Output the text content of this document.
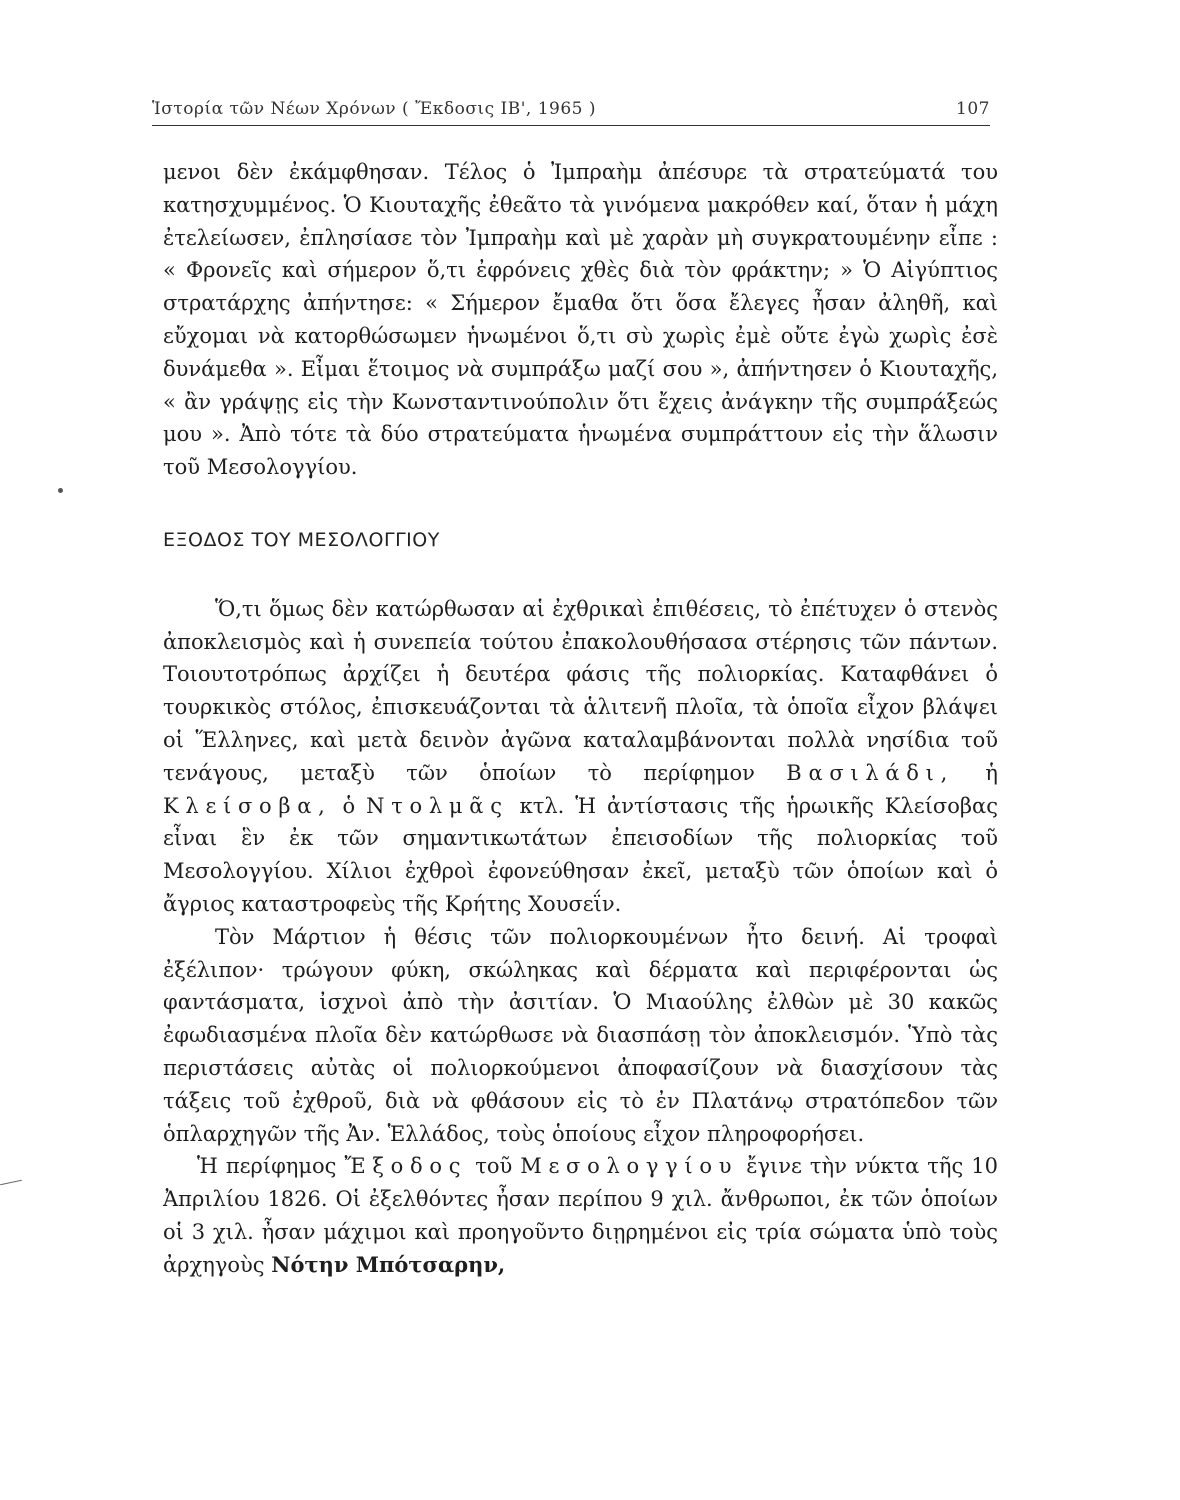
Ἱστορία τῶν Νέων Χρόνων ( Ἔκδοσις ΙΒ', 1965 )	107

μενοι δὲν ἐκάμφθησαν. Τέλος ὁ Ἰμπραὴμ ἀπέσυρε τὰ στρατεύματά του κατησχυμμένος. Ὁ Κιουταχῆς ἐθεᾶτο τὰ γινόμενα μακρόθεν καί, ὅταν ἡ μάχη ἐτελείωσεν, ἐπλησίασε τὸν Ἰμπραὴμ καὶ μὲ χαρὰν μὴ συγκρατουμένην εἶπε : « Φρονεῖς καὶ σήμερον ὅ,τι ἐφρόνεις χθὲς διὰ τὸν φράκτην; » Ὁ Αἰγύπτιος στρατάρχης ἀπήντησε: « Σήμερον ἔμαθα ὅτι ὅσα ἔλεγες ἦσαν ἀληθῆ, καὶ εὔχομαι νὰ κατορθώσωμεν ἡνωμένοι ὅ,τι σὺ χωρὶς ἐμὲ οὔτε ἐγὼ χωρὶς ἐσὲ δυνάμεθα ». Εἶμαι ἕτοιμος νὰ συμπράξω μαζί σου », ἀπήντησεν ὁ Κιουταχῆς, « ἂν γράψῃς εἰς τὴν Κωνσταντινούπολιν ὅτι ἔχεις ἀνάγκην τῆς συμπράξεώς μου ». Ἀπὸ τότε τὰ δύο στρατεύματα ἡνωμένα συμπράττουν εἰς τὴν ἅλωσιν τοῦ Μεσολογγίου.

ΕΞΟΔΟΣ ΤΟΥ ΜΕΣΟΛΟΓΓΙΟΥ

Ὅ,τι ὅμως δὲν κατώρθωσαν αἱ ἐχθρικαὶ ἐπιθέσεις, τὸ ἐπέτυχεν ὁ στενὸς ἀποκλεισμὸς καὶ ἡ συνεπεία τούτου ἐπακολουθήσασα στέρησις τῶν πάντων. Τοιουτοτρόπως ἀρχίζει ἡ δευτέρα φάσις τῆς πολιορκίας. Καταφθάνει ὁ τουρκικὸς στόλος, ἐπισκευάζονται τὰ ἁλιτενῆ πλοῖα, τὰ ὁποῖα εἶχον βλάψει οἱ Ἕλληνες, καὶ μετὰ δεινὸν ἀγῶνα καταλαμβάνονται πολλὰ νησίδια τοῦ τενάγους, μεταξὺ τῶν ὁποίων τὸ περίφημον Βασιλάδι, ἡ Κλείσοβα, ὁ Ντολμᾶς κτλ. Ἡ ἀντίστασις τῆς ἡρωικῆς Κλείσοβας εἶναι ἓν ἐκ τῶν σημαντικωτάτων ἐπεισοδίων τῆς πολιορκίας τοῦ Μεσολογγίου. Χίλιοι ἐχθροὶ ἐφονεύθησαν ἐκεῖ, μεταξὺ τῶν ὁποίων καὶ ὁ ἄγριος καταστροφεὺς τῆς Κρήτης Χουσεΐν.

Τὸν Μάρτιον ἡ θέσις τῶν πολιορκουμένων ἦτο δεινή. Αἱ τροφαὶ ἐξέλιπον· τρώγουν φύκη, σκώληκας καὶ δέρματα καὶ περιφέρονται ὡς φαντάσματα, ἰσχνοὶ ἀπὸ τὴν ἀσιτίαν. Ὁ Μιαούλης ἐλθὼν μὲ 30 κακῶς ἐφωδιασμένα πλοῖα δὲν κατώρθωσε νὰ διασπάσῃ τὸν ἀποκλεισμόν. Ὑπὸ τὰς περιστάσεις αὐτὰς οἱ πολιορκούμενοι ἀποφασίζουν νὰ διασχίσουν τὰς τάξεις τοῦ ἐχθροῦ, διὰ νὰ φθάσουν εἰς τὸ ἐν Πλατάνῳ στρατόπεδον τῶν ὁπλαρχηγῶν τῆς Ἀν. Ἑλλάδος, τοὺς ὁποίους εἶχον πληροφορήσει.

Ἡ περίφημος Ἔξοδος τοῦ Μεσολογγίου ἔγινε τὴν νύκτα τῆς 10 Ἀπριλίου 1826. Οἱ ἐξελθόντες ἦσαν περίπου 9 χιλ. ἄνθρωποι, ἐκ τῶν ὁποίων οἱ 3 χιλ. ἦσαν μάχιμοι καὶ προηγοῦντο διῃρημένοι εἰς τρία σώματα ὑπὸ τοὺς ἀρχηγοὺς Νότην Μπότσαρην,
